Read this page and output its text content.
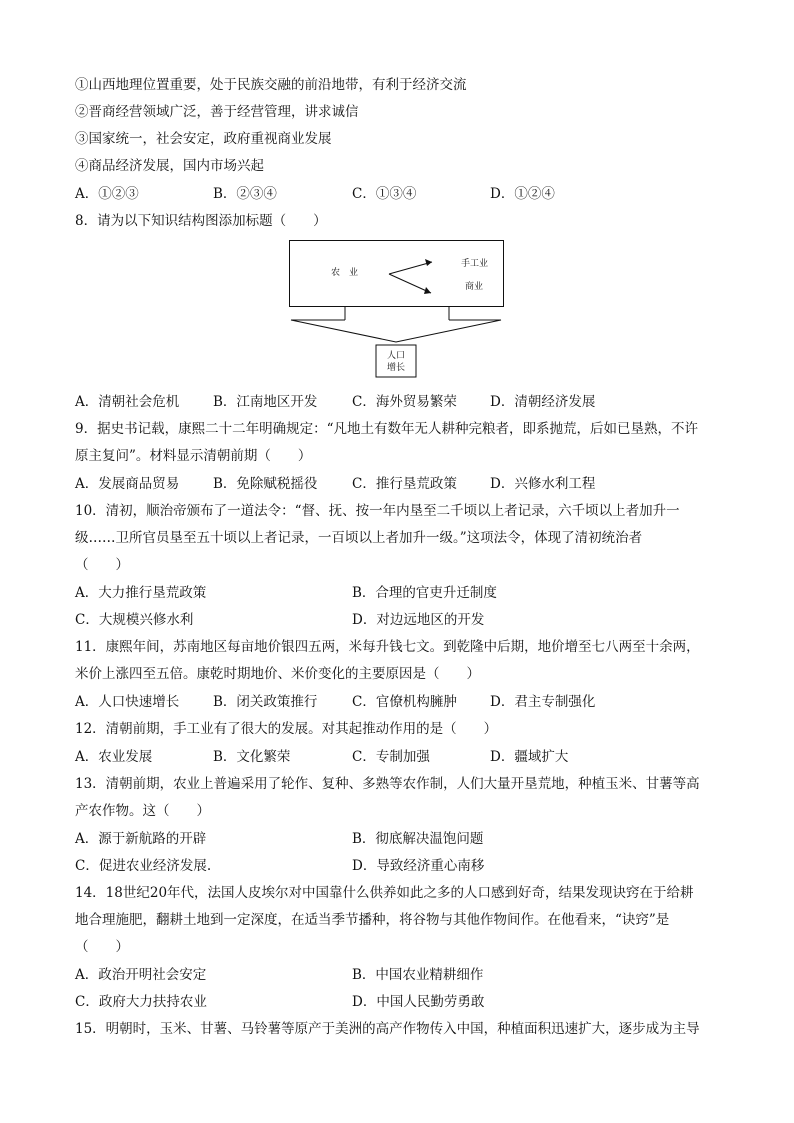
①山西地理位置重要，处于民族交融的前沿地带，有利于经济交流
②晋商经营领域广泛，善于经营管理，讲求诚信
③国家统一，社会安定，政府重视商业发展
④商品经济发展，国内市场兴起
A．①②③	B．②③④	C．①③④	D．①②④
8．请为以下知识结构图添加标题（　　）
农　业
手工业
商业
人口
增长
A．清朝社会危机	B．江南地区开发	C．海外贸易繁荣 D．清朝经济发展
9．据史书记载，康熙二十二年明确规定：“凡地土有数年无人耕种完粮者，即系抛荒，后如已垦熟，不许
原主复问”。材料显示清朝前期（　　）
A．发展商品贸易	B．免除赋税摇役	C．推行垦荒政策 D．兴修水利工程
10．清初，顺治帝颁布了一道法令：“督、抚、按一年内垦至二千顷以上者记录，六千顷以上者加升一
级……卫所官员垦至五十顷以上者记录，一百顷以上者加升一级。”这项法令，体现了清初统治者
（　　）
A．大力推行垦荒政策	B．合理的官吏升迁制度
C．大规模兴修水利	D．对边远地区的开发
11．康熙年间，苏南地区每亩地价银四五两，米每升钱七文。到乾隆中后期，地价增至七八两至十余两，
米价上涨四至五倍。康乾时期地价、米价变化的主要原因是（　　）
A．人口快速增长	B．闭关政策推行	C．官僚机构臃肿 D．君主专制强化
12．清朝前期，手工业有了很大的发展。对其起推动作用的是（　　）
A．农业发展	B．文化繁荣	C．专制加强	D．疆域扩大
13．清朝前期，农业上普遍采用了轮作、复种、多熟等农作制，人们大量开垦荒地，种植玉米、甘薯等高
产农作物。这（　　）
A．源于新航路的开辟	B．彻底解决温饱问题
C．促进农业经济发展.	D．导致经济重心南移
14．18世纪20年代，法国人皮埃尔对中国靠什么供养如此之多的人口感到好奇，结果发现诀窍在于给耕
地合理施肥，翻耕土地到一定深度，在适当季节播种，将谷物与其他作物间作。在他看来，“诀窍”是
（　　）
A．政治开明社会安定	B．中国农业精耕细作
C．政府大力扶持农业	D．中国人民勤劳勇敢
15．明朝时，玉米、甘薯、马铃薯等原产于美洲的高产作物传入中国，种植面积迅速扩大，逐步成为主导
